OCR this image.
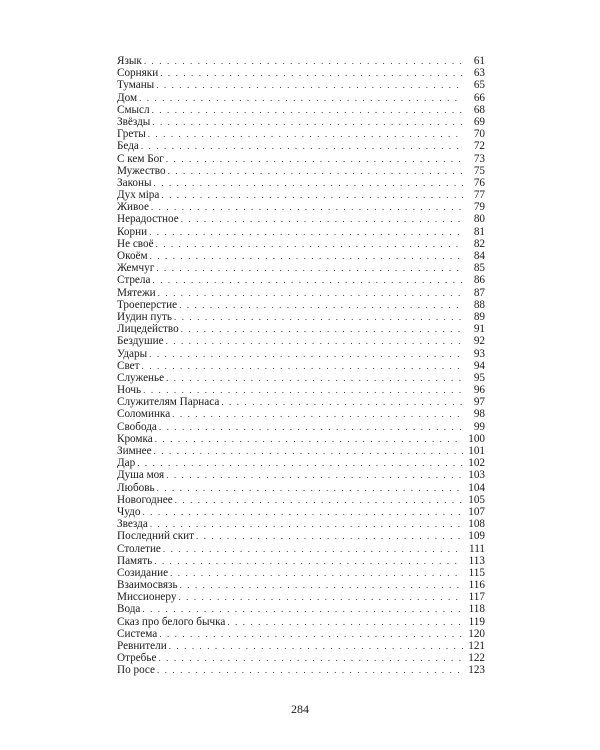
Язык . . .	61
Сорняки . . .	63
Туманы . . .	65
Дом . . .	66
Смысл . . .	68
Звёзды . . .	69
Греты . . .	70
Беда . . .	72
С кем Бог . . .	73
Мужество . . .	75
Законы . . .	76
Дух міра . . .	77
Живое . . .	79
Нерадостное . . .	80
Корни . . .	81
Не своё . . .	82
Окоём . . .	84
Жемчуг . . .	85
Стрела . . .	86
Мятежи . . .	87
Троеперстие . . .	88
Иудин путь . . .	89
Лицедейство . . .	91
Бездушие . . .	92
Удары . . .	93
Свет . . .	94
Служенье . . .	95
Ночь . . .	96
Служителям Парнаса . . .	97
Соломинка . . .	98
Свобода . . .	99
Кромка . . .	100
Зимнее . . .	101
Дар . . .	102
Душа моя . . .	103
Любовь . . .	104
Новогоднее . . .	105
Чудо . . .	107
Звезда . . .	108
Последний скит . . .	109
Столетие . . .	111
Память . . .	113
Созидание . . .	115
Взаимосвязь . . .	116
Миссионеру . . .	117
Вода . . .	118
Сказ про белого бычка . . .	119
Система . . .	120
Ревнители . . .	121
Отребье . . .	122
По росе . . .	123
284
